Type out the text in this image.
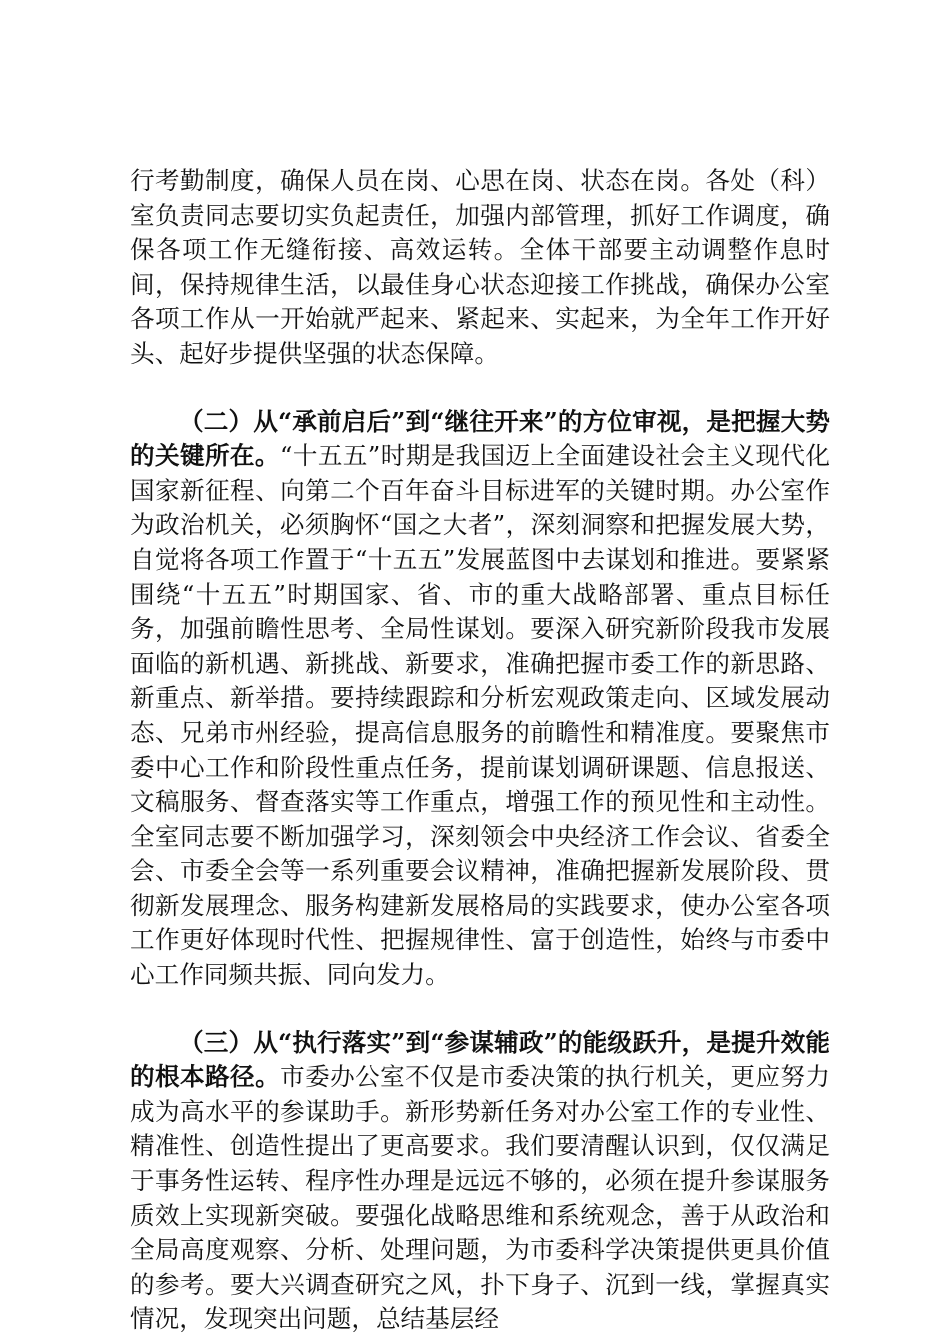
行考勤制度，确保人员在岗、心思在岗、状态在岗。各处（科）室负责同志要切实负起责任，加强内部管理，抓好工作调度，确保各项工作无缝衔接、高效运转。全体干部要主动调整作息时间，保持规律生活，以最佳身心状态迎接工作挑战，确保办公室各项工作从一开始就严起来、紧起来、实起来，为全年工作开好头、起好步提供坚强的状态保障。

（二）从“承前启后”到“继往开来”的方位审视，是把握大势的关键所在。“十五五”时期是我国迈上全面建设社会主义现代化国家新征程、向第二个百年奋斗目标进军的关键时期。办公室作为政治机关，必须胸怀“国之大者”，深刻洞察和把握发展大势，自觉将各项工作置于“十五五”发展蓝图中去谋划和推进。要紧紧围绕“十五五”时期国家、省、市的重大战略部署、重点目标任务，加强前瞻性思考、全局性谋划。要深入研究新阶段我市发展面临的新机遇、新挑战、新要求，准确把握市委工作的新思路、新重点、新举措。要持续跟踪和分析宏观政策走向、区域发展动态、兄弟市州经验，提高信息服务的前瞻性和精准度。要聚焦市委中心工作和阶段性重点任务，提前谋划调研课题、信息报送、文稿服务、督查落实等工作重点，增强工作的预见性和主动性。全室同志要不断加强学习，深刻领会中央经济工作会议、省委全会、市委全会等一系列重要会议精神，准确把握新发展阶段、贯彻新发展理念、服务构建新发展格局的实践要求，使办公室各项工作更好体现时代性、把握规律性、富于创造性，始终与市委中心工作同频共振、同向发力。

（三）从“执行落实”到“参谋辅政”的能级跃升，是提升效能的根本路径。市委办公室不仅是市委决策的执行机关，更应努力成为高水平的参谋助手。新形势新任务对办公室工作的专业性、精准性、创造性提出了更高要求。我们要清醒认识到，仅仅满足于事务性运转、程序性办理是远远不够的，必须在提升参谋服务质效上实现新突破。要强化战略思维和系统观念，善于从政治和全局高度观察、分析、处理问题，为市委科学决策提供更具价值的参考。要大兴调查研究之风，扑下身子、沉到一线，掌握真实情况，发现突出问题，总结基层经
